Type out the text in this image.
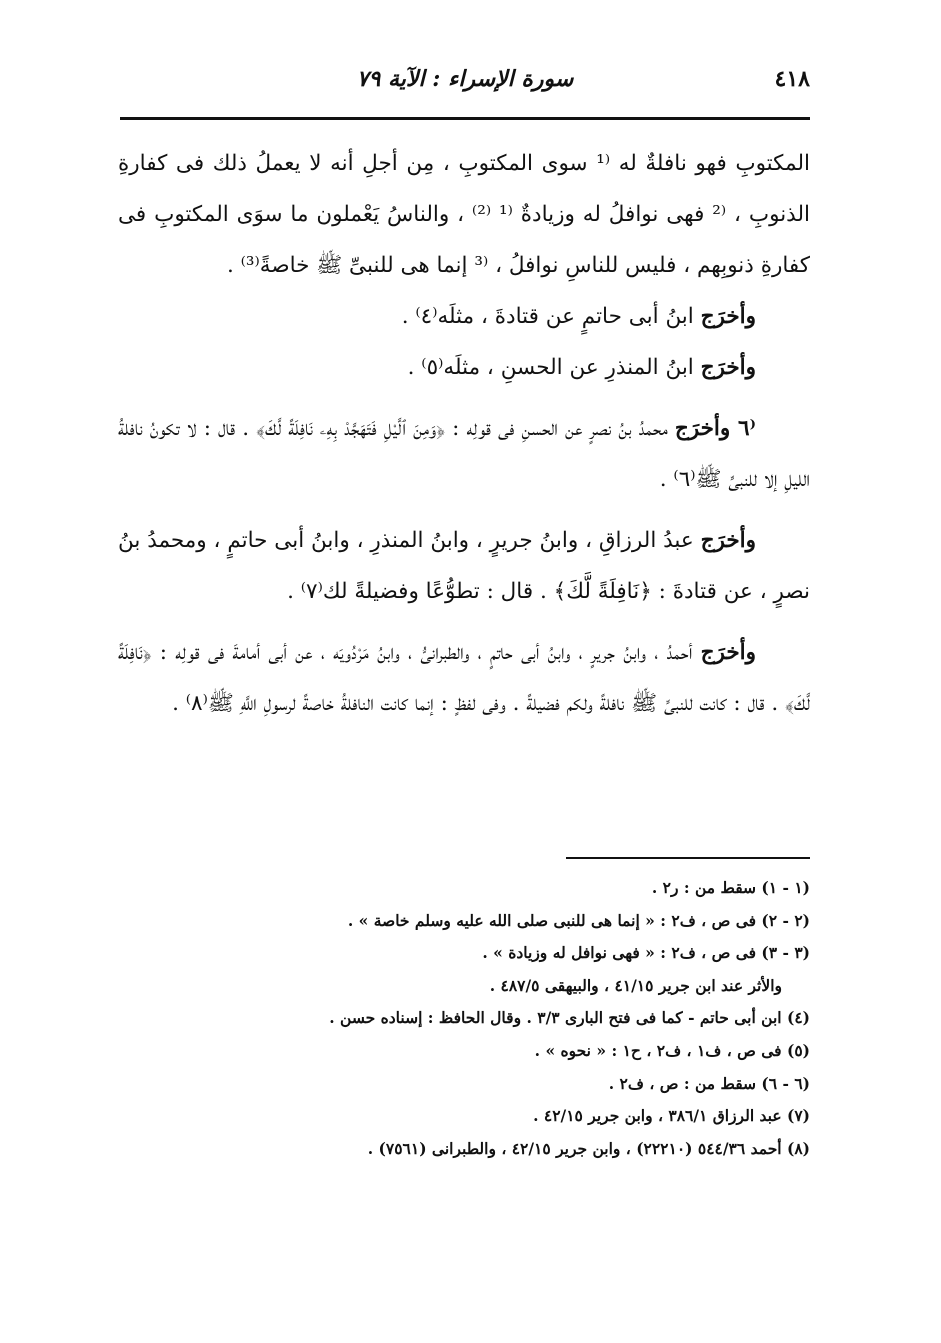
٤١٨
سورة الإسراء : الآية ٧٩

المكتوبِ فهو نافلةٌ له ⁽¹ سوى المكتوبِ ، مِن أجلِ أنه لا يعملُ ذلك فى كفارةِ الذنوبِ ، ⁽² فهى نوافلُ له وزيادةٌ ⁽¹ ⁽²⁾ ، والناسُ يَعْملون ما سوَى المكتوبِ فى كفارةِ ذنوبِهم ، فليس للناسِ نوافلُ ، ⁽³ إنما هى للنبىِّ ﷺ خاصةً⁽³⁾ .

وأخرَج ابنُ أبى حاتمٍ عن قتادةَ ، مثلَه⁽٤⁾ .

وأخرَج ابنُ المنذرِ عن الحسنِ ، مثلَه⁽٥⁾ .

⁽٦ وأخرَج محمدُ بنُ نصرٍ عن الحسنِ فى قولِه : ﴿وَمِنَ ٱلَّيْلِ فَتَهَجَّدْ بِهِۦ نَافِلَةً لَّكَ﴾ . قال : لا تكونُ نافلةُ الليلِ إلا للنبىِّ ﷺ⁽٦⁾ .

وأخرَج عبدُ الرزاقِ ، وابنُ جريرٍ ، وابنُ المنذرِ ، وابنُ أبى حاتمٍ ، ومحمدُ بنُ نصرٍ ، عن قتادةَ : ﴿نَافِلَةً لَّكَ﴾ . قال : تطوُّعًا وفضيلةً لك⁽٧⁾ .

وأخرَج أحمدُ ، وابنُ جريرٍ ، وابنُ أبى حاتمٍ ، والطبرانىُّ ، وابنُ مَرْدُويَه ، عن أبى أمامةَ فى قولِه : ﴿نَافِلَةً لَّكَ﴾ . قال : كانت للنبىِّ ﷺ نافلةً ولكم فضيلةً . وفى لفظٍ : إنما كانت النافلةُ خاصةً لرسولِ اللَّهِ ﷺ⁽٨⁾ .

(١ - ١) سقط من : ر٢ .

(٢ - ٢) فى ص ، ف٢ : « إنما هى للنبى صلى الله عليه وسلم خاصة » .

(٣ - ٣) فى ص ، ف٢ : « فهى نوافل له وزيادة » .

والأثر عند ابن جرير ٤١/١٥ ، والبيهقى ٤٨٧/٥ .

(٤) ابن أبى حاتم - كما فى فتح البارى ٣/٣ . وقال الحافظ : إسناده حسن .

(٥) فى ص ، ف١ ، ف٢ ، ح١ : « نحوه » .

(٦ - ٦) سقط من : ص ، ف٢ .

(٧) عبد الرزاق ٣٨٦/١ ، وابن جرير ٤٢/١٥ .

(٨) أحمد ٥٤٤/٣٦ (٢٢٢١٠) ، وابن جرير ٤٢/١٥ ، والطبرانى (٧٥٦١) .
